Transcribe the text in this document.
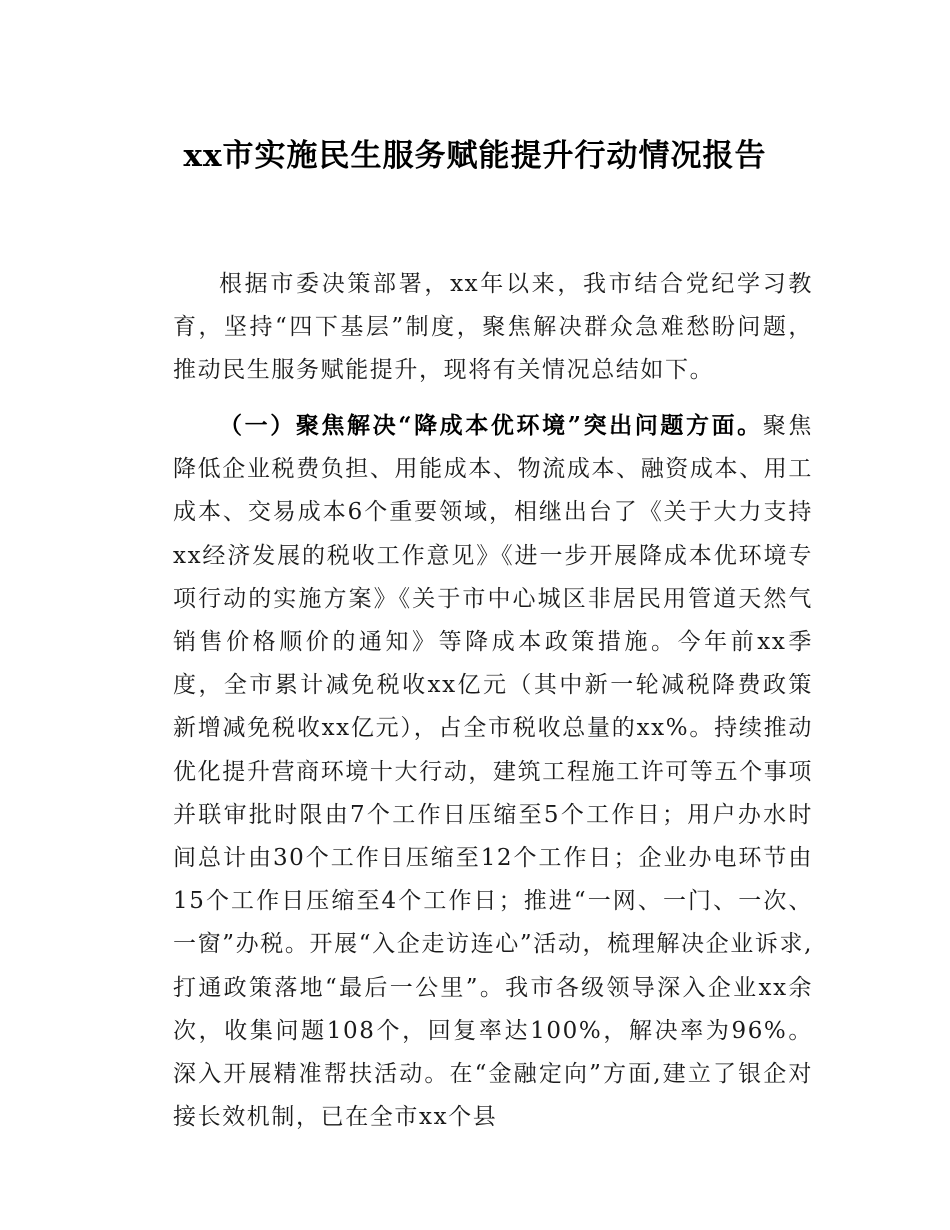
xx市实施民生服务赋能提升行动情况报告

根据市委决策部署，xx年以来，我市结合党纪学习教育，坚持“四下基层”制度，聚焦解决群众急难愁盼问题，推动民生服务赋能提升，现将有关情况总结如下。

（一）聚焦解决“降成本优环境”突出问题方面。聚焦降低企业税费负担、用能成本、物流成本、融资成本、用工成本、交易成本6个重要领域，相继出台了《关于大力支持xx经济发展的税收工作意见》《进一步开展降成本优环境专项行动的实施方案》《关于市中心城区非居民用管道天然气销售价格顺价的通知》等降成本政策措施。今年前xx季度，全市累计减免税收xx亿元（其中新一轮减税降费政策新增减免税收xx亿元），占全市税收总量的xx%。持续推动优化提升营商环境十大行动，建筑工程施工许可等五个事项并联审批时限由7个工作日压缩至5个工作日；用户办水时间总计由30个工作日压缩至12个工作日；企业办电环节由15个工作日压缩至4个工作日；推进“一网、一门、一次、一窗”办税。开展“入企走访连心”活动，梳理解决企业诉求,打通政策落地“最后一公里”。我市各级领导深入企业xx余次，收集问题108个，回复率达100%，解决率为96%。深入开展精准帮扶活动。在“金融定向”方面,建立了银企对接长效机制，已在全市xx个县
